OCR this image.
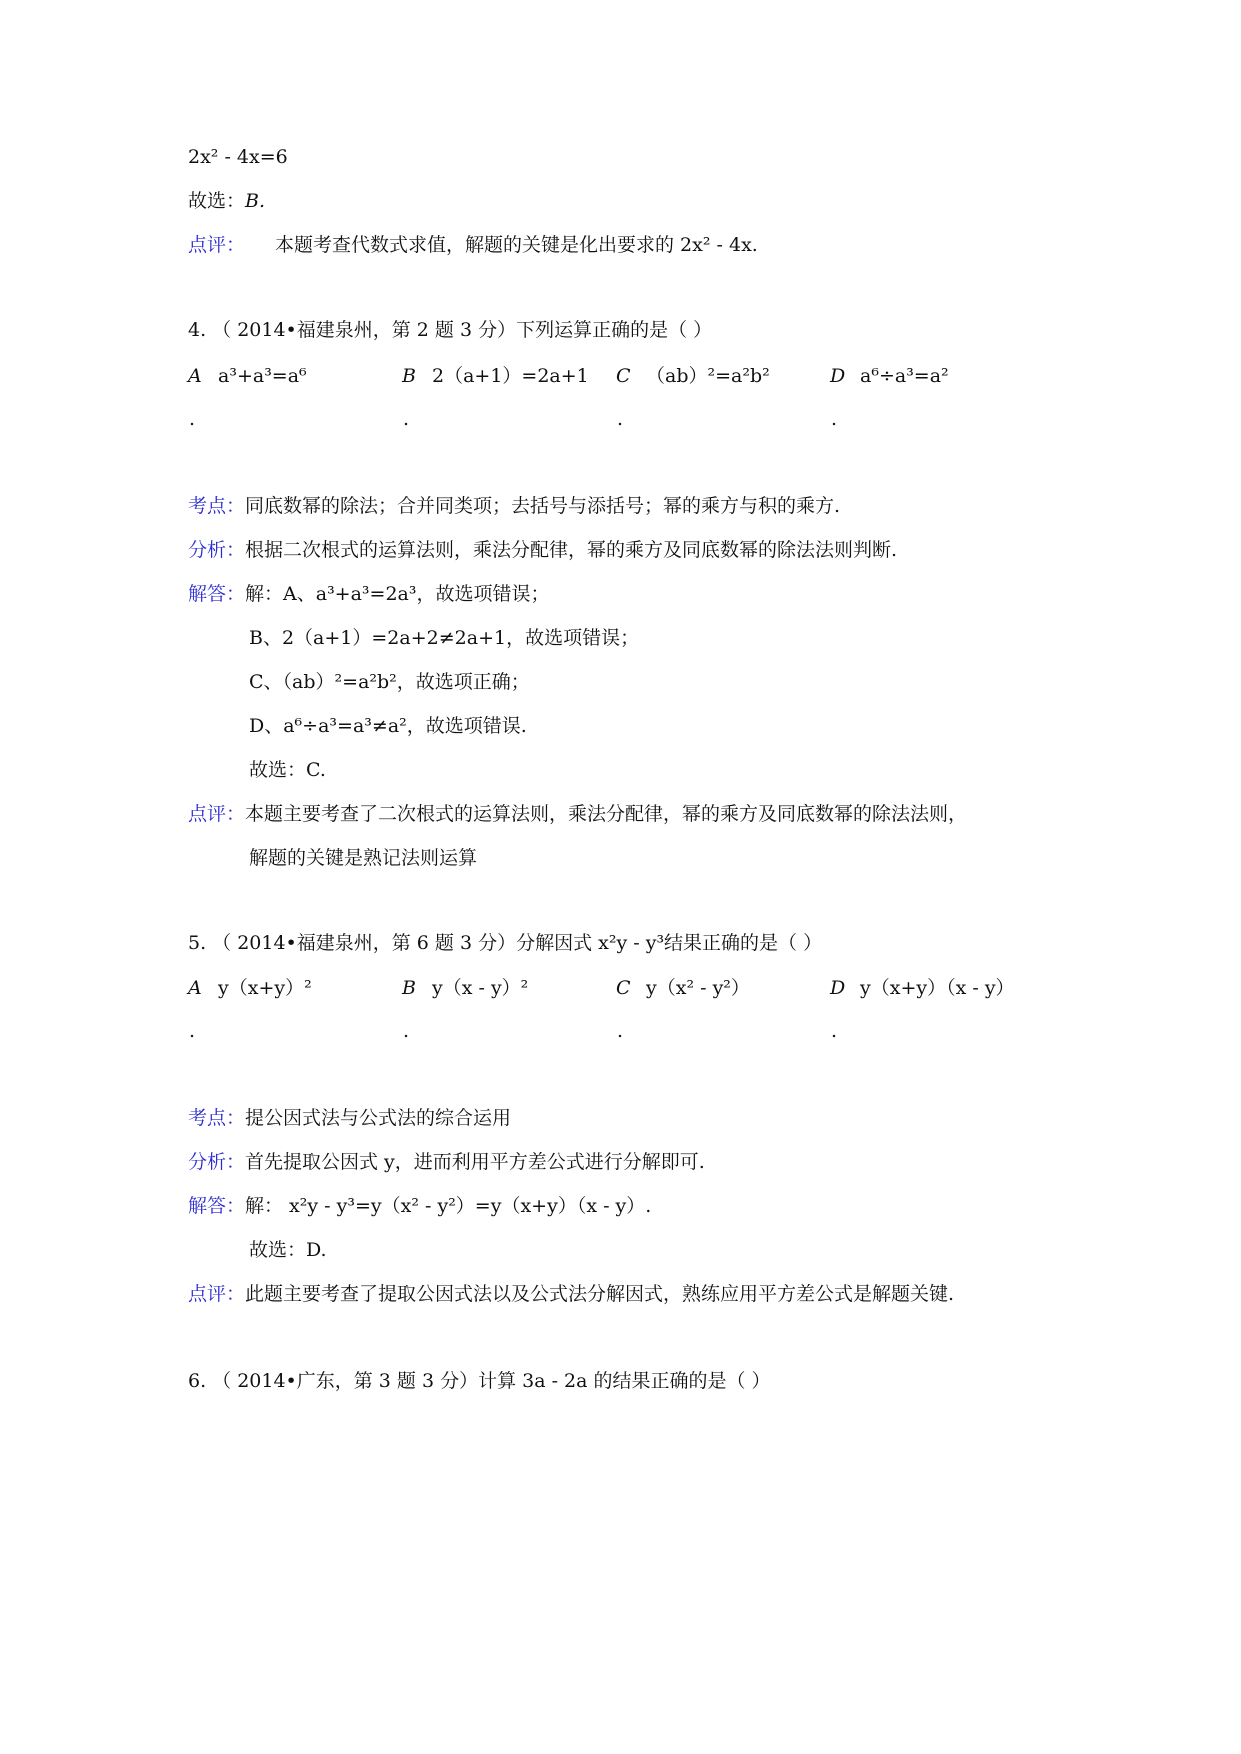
2x² - 4x=6
故选：B.
点评： 本题考查代数式求值，解题的关键是化出要求的 2x² - 4x.
4. （ 2014•福建泉州，第 2 题 3 分）下列运算正确的是（ ）
A a³+a³=a⁶	B 2（a+1）=2a+1 C （ab）²=a²b²	D a⁶÷a³=a²
.	.	.	.
考点：同底数幂的除法；合并同类项；去括号与添括号；幂的乘方与积的乘方.
分析：根据二次根式的运算法则，乘法分配律，幂的乘方及同底数幂的除法法则判断.
解答：解：A、a³+a³=2a³，故选项错误；
B、2（a+1）=2a+2≠2a+1，故选项错误；
C、（ab）²=a²b²，故选项正确；
D、a⁶÷a³=a³≠a²，故选项错误.
故选：C.
点评：本题主要考查了二次根式的运算法则，乘法分配律，幂的乘方及同底数幂的除法法则，
解题的关键是熟记法则运算
5. （ 2014•福建泉州，第 6 题 3 分）分解因式 x²y - y³结果正确的是（ ）
A y（x+y）²	B y（x - y）²	C y（x² - y²）	D y（x+y）（x - y）
.	.	.	.
考点：提公因式法与公式法的综合运用
分析：首先提取公因式 y，进而利用平方差公式进行分解即可.
解答：解： x²y - y³=y（x² - y²）=y（x+y）（x - y）.
故选：D.
点评：此题主要考查了提取公因式法以及公式法分解因式，熟练应用平方差公式是解题关键.
6. （ 2014•广东，第 3 题 3 分）计算 3a - 2a 的结果正确的是（ ）
